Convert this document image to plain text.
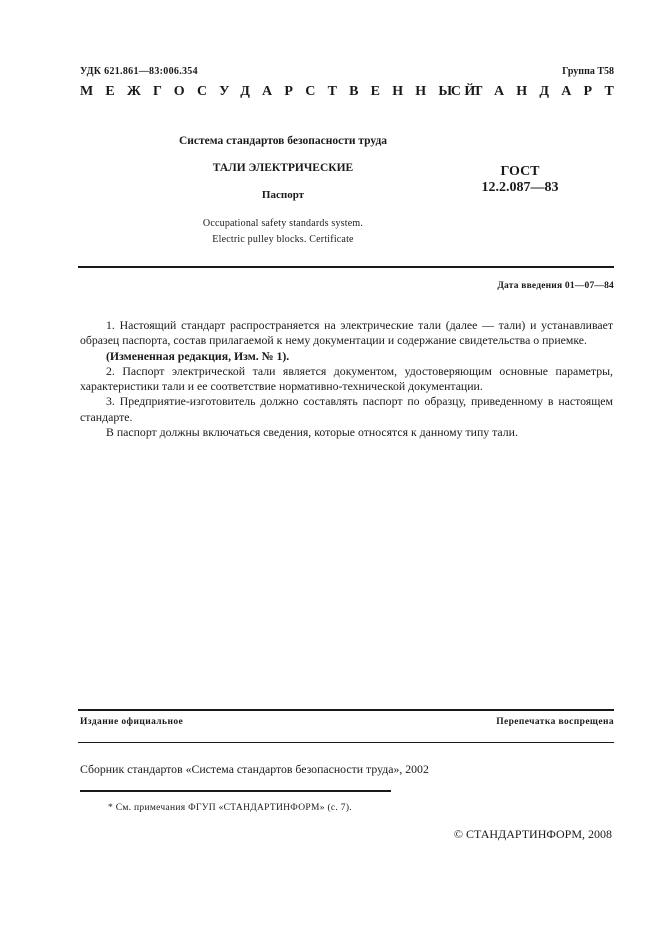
УДК 621.861—83:006.354	Группа Т58
МЕЖГОСУДАРСТВЕННЫЙ
СТАНДАРТ
Система стандартов безопасности труда
ТАЛИ ЭЛЕКТРИЧЕСКИЕ
Паспорт
Occupational safety standards system.
Electric pulley blocks. Certificate
ГОСТ
12.2.087—83
Дата введения 01—07—84

1. Настоящий стандарт распространяется на электрические тали (далее — тали) и устанавливает образец паспорта, состав прилагаемой к нему документации и содержание свидетельства о приемке.

(Измененная редакция, Изм. № 1).

2. Паспорт электрической тали является документом, удостоверяющим основные параметры, характеристики тали и ее соответствие нормативно-технической документации.

3. Предприятие-изготовитель должно составлять паспорт по образцу, приведенному в настоящем стандарте.

В паспорт должны включаться сведения, которые относятся к данному типу тали.

Издание официальное	Перепечатка воспрещена
Сборник стандартов «Система стандартов безопасности труда», 2002
* См. примечания ФГУП «СТАНДАРТИНФОРМ» (с. 7).
© СТАНДАРТИНФОРМ, 2008
